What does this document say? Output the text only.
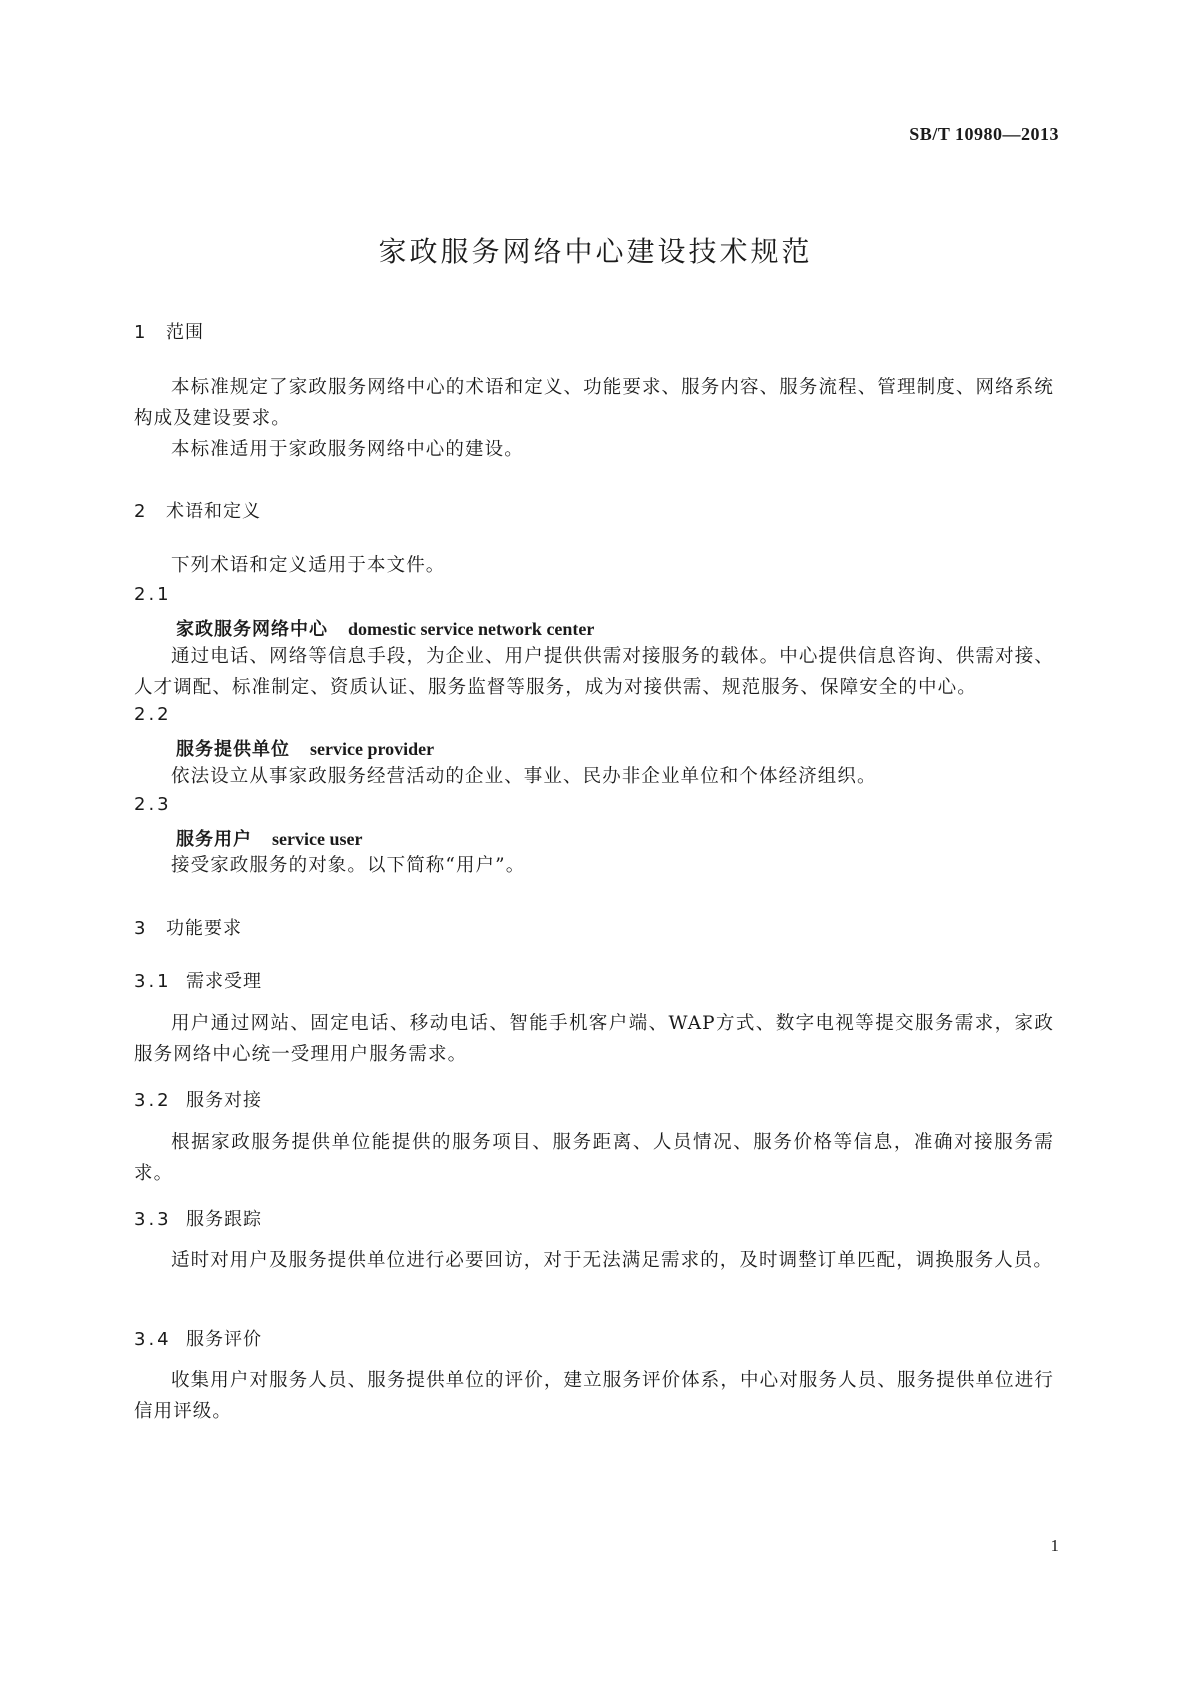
SB/T 10980—2013
家政服务网络中心建设技术规范
1 范围
本标准规定了家政服务网络中心的术语和定义、功能要求、服务内容、服务流程、管理制度、网络系统构成及建设要求。
本标准适用于家政服务网络中心的建设。
2 术语和定义
下列术语和定义适用于本文件。
2.1
家政服务网络中心 domestic service network center
通过电话、网络等信息手段，为企业、用户提供供需对接服务的载体。中心提供信息咨询、供需对接、人才调配、标准制定、资质认证、服务监督等服务，成为对接供需、规范服务、保障安全的中心。
2.2
服务提供单位 service provider
依法设立从事家政服务经营活动的企业、事业、民办非企业单位和个体经济组织。
2.3
服务用户 service user
接受家政服务的对象。以下简称“用户”。
3 功能要求
3.1 需求受理
用户通过网站、固定电话、移动电话、智能手机客户端、WAP方式、数字电视等提交服务需求，家政服务网络中心统一受理用户服务需求。
3.2 服务对接
根据家政服务提供单位能提供的服务项目、服务距离、人员情况、服务价格等信息，准确对接服务需求。
3.3 服务跟踪
适时对用户及服务提供单位进行必要回访，对于无法满足需求的，及时调整订单匹配，调换服务人员。
3.4 服务评价
收集用户对服务人员、服务提供单位的评价，建立服务评价体系，中心对服务人员、服务提供单位进行信用评级。
1
